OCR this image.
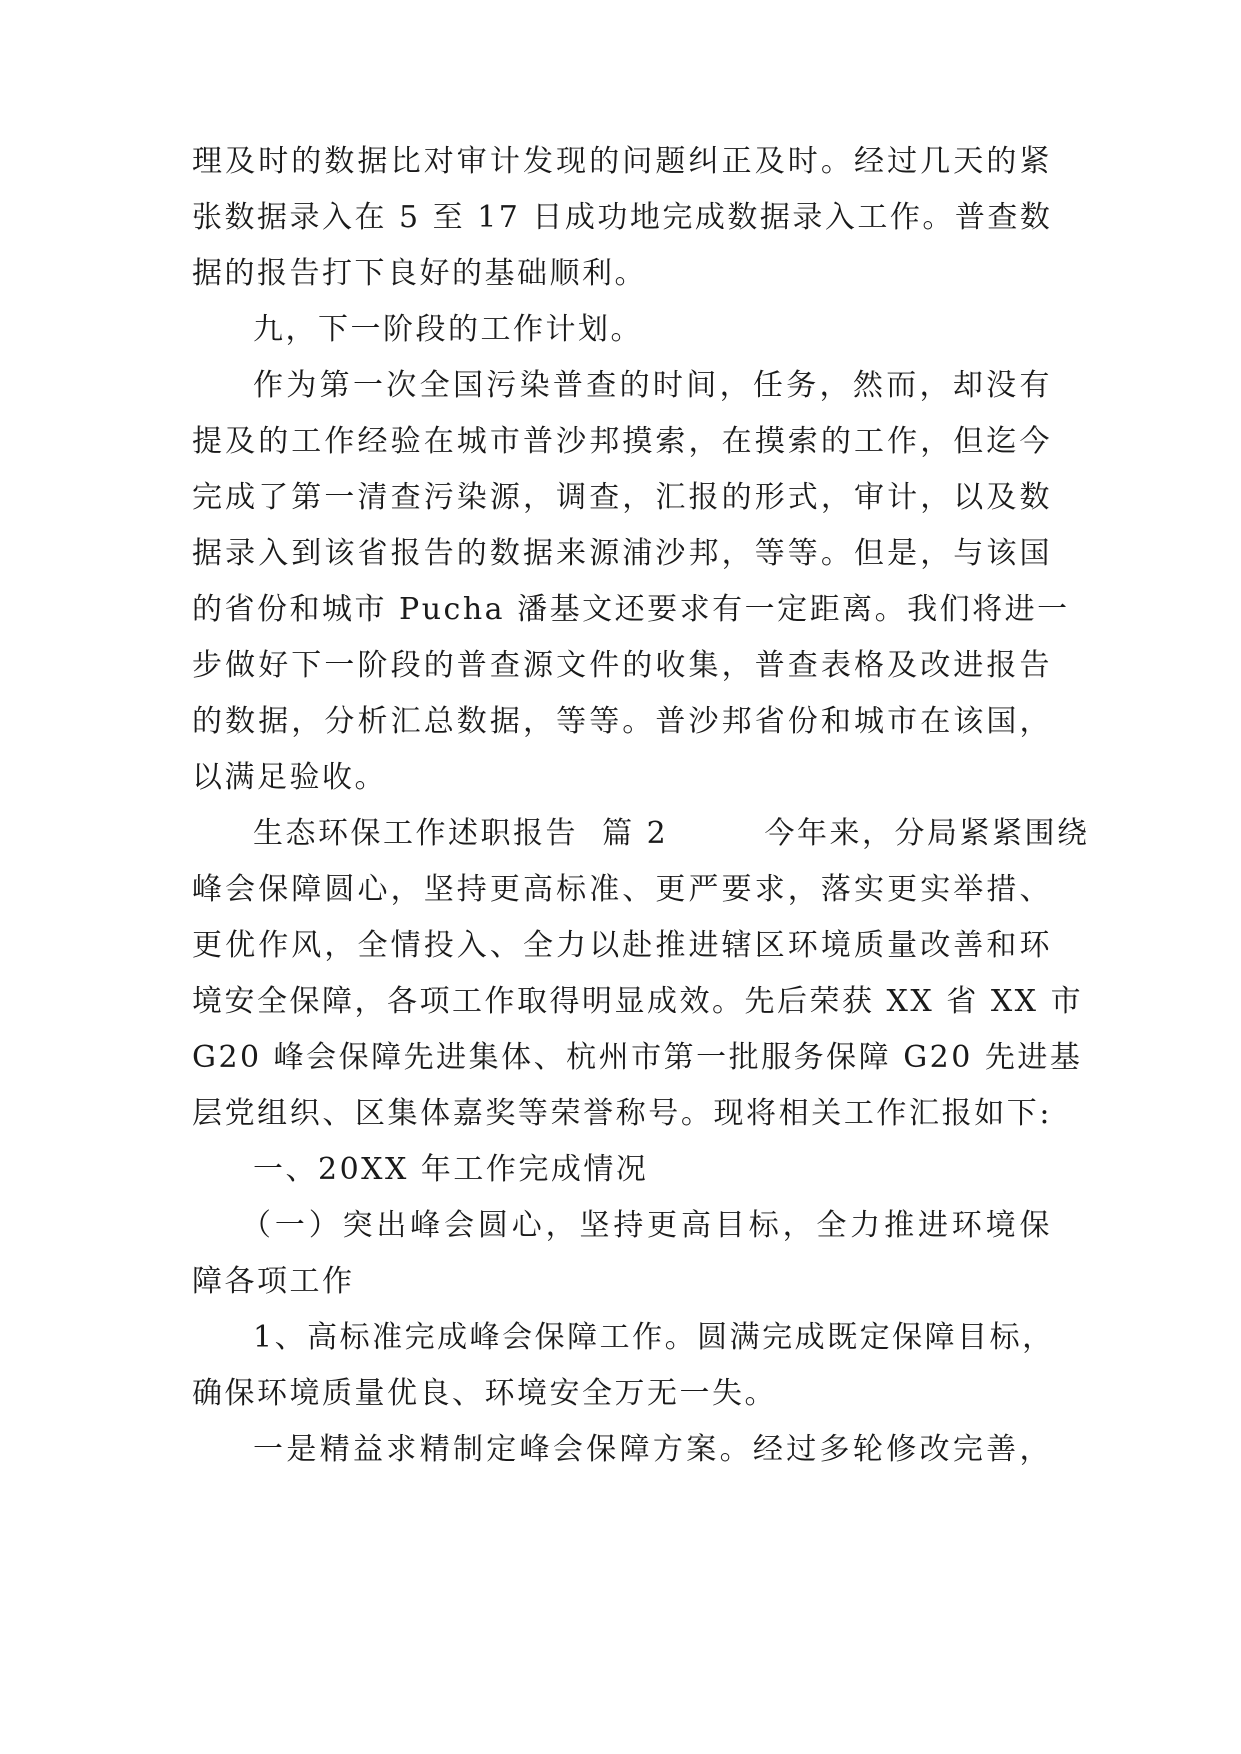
理及时的数据比对审计发现的问题纠正及时。经过几天的紧

张数据录入在 5 至 17 日成功地完成数据录入工作。普查数

据的报告打下良好的基础顺利。

九，下一阶段的工作计划。

作为第一次全国污染普查的时间，任务，然而，却没有

提及的工作经验在城市普沙邦摸索，在摸索的工作，但迄今

完成了第一清查污染源，调查，汇报的形式，审计，以及数

据录入到该省报告的数据来源浦沙邦，等等。但是，与该国

的省份和城市 Pucha 潘基文还要求有一定距离。我们将进一

步做好下一阶段的普查源文件的收集，普查表格及改进报告

的数据，分析汇总数据，等等。普沙邦省份和城市在该国，

以满足验收。

生态环保工作述职报告  篇 2        今年来，分局紧紧围绕

峰会保障圆心，坚持更高标准、更严要求，落实更实举措、

更优作风，全情投入、全力以赴推进辖区环境质量改善和环

境安全保障，各项工作取得明显成效。先后荣获 XX 省 XX 市

G20 峰会保障先进集体、杭州市第一批服务保障 G20 先进基

层党组织、区集体嘉奖等荣誉称号。现将相关工作汇报如下:

一、20XX 年工作完成情况

（一）突出峰会圆心，坚持更高目标，全力推进环境保

障各项工作

1、高标准完成峰会保障工作。圆满完成既定保障目标，

确保环境质量优良、环境安全万无一失。

一是精益求精制定峰会保障方案。经过多轮修改完善，
